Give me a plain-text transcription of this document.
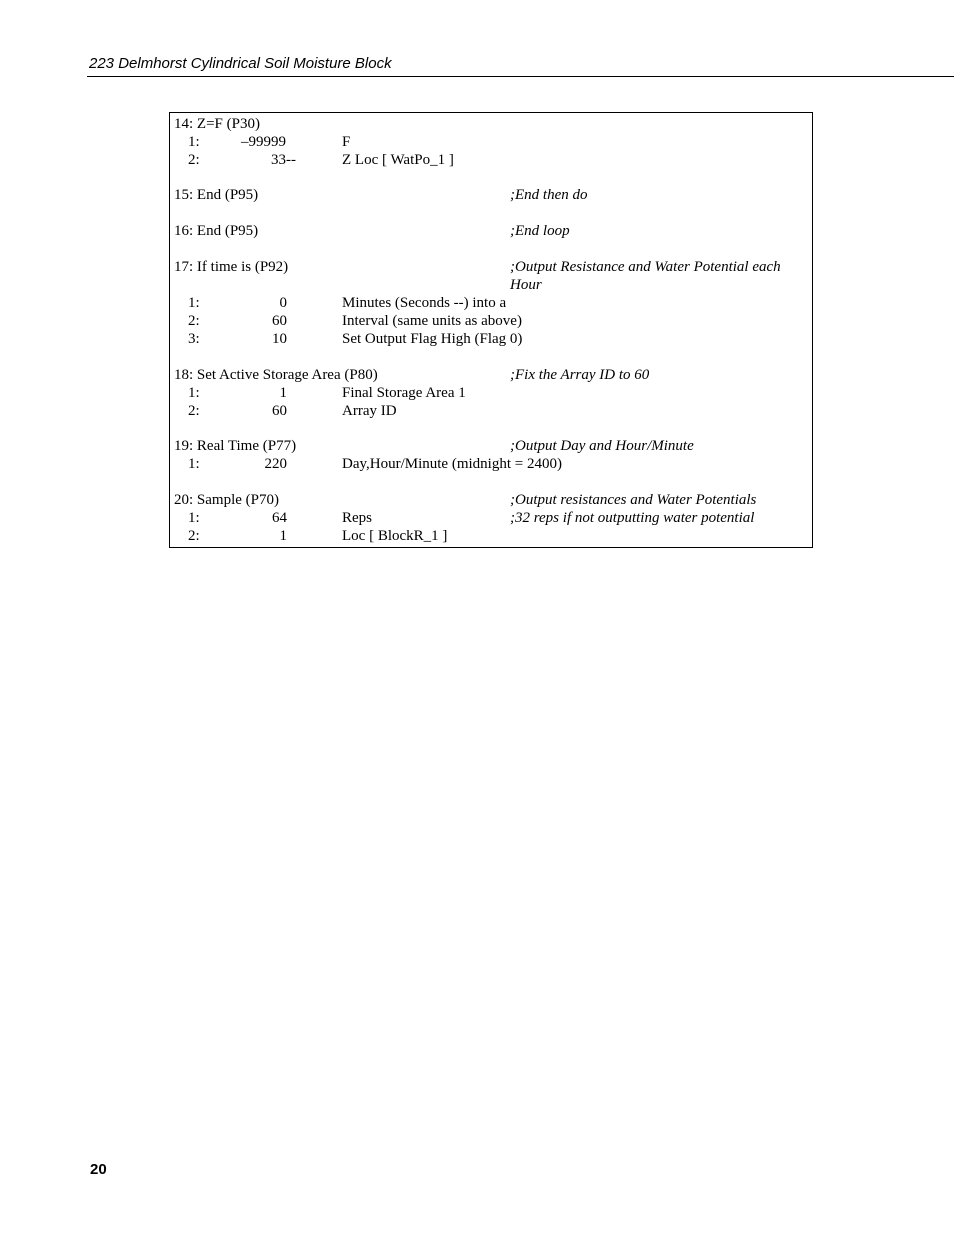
223 Delmhorst Cylindrical Soil Moisture Block
14: Z=F (P30)
1:	–99999	F
2:	33--	Z Loc [ WatPo_1 ]
15: End (P95)	;End then do
16: End (P95)	;End loop
17: If time is (P92)	;Output Resistance and Water Potential each
Hour
1:	0	Minutes (Seconds --) into a
2:	60	Interval (same units as above)
3:	10	Set Output Flag High (Flag 0)
18: Set Active Storage Area (P80)	;Fix the Array ID to 60
1:	1	Final Storage Area 1
2:	60	Array ID
19: Real Time (P77)	;Output Day and Hour/Minute
1:	220	Day,Hour/Minute (midnight = 2400)
20: Sample (P70)	;Output resistances and Water Potentials
1:	64	Reps	;32 reps if not outputting water potential
2:	1	Loc [ BlockR_1 ]
20
